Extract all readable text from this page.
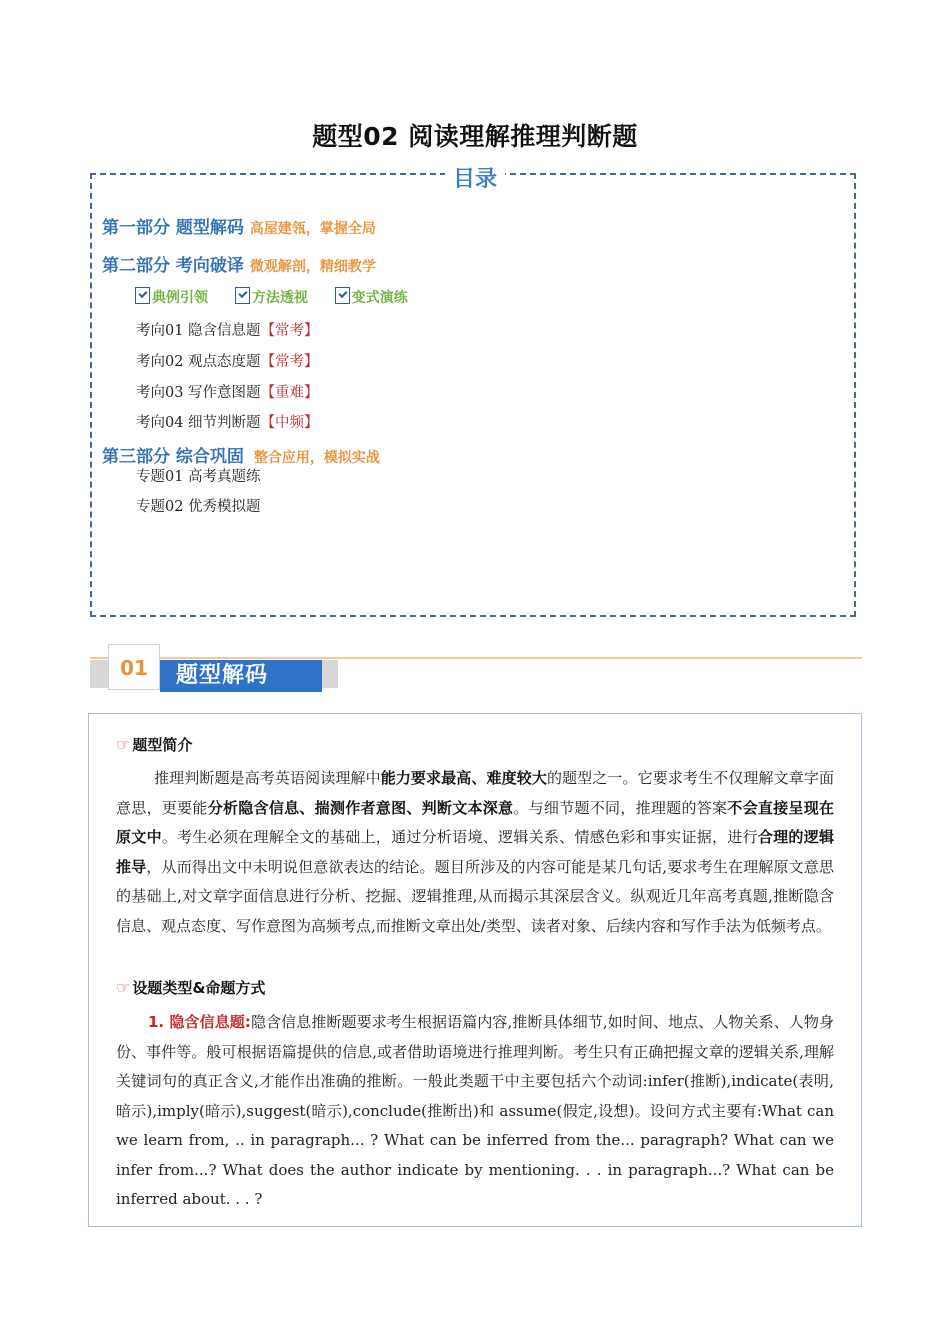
题型02 阅读理解推理判断题
目录
第一部分 题型解码 高屋建瓴，掌握全局
第二部分 考向破译 微观解剖，精细教学
典例引领	方法透视	变式演练
考向01 隐含信息题【常考】
考向02 观点态度题【常考】
考向03 写作意图题【重难】
考向04 细节判断题【中频】
第三部分 综合巩固 整合应用，模拟实战
专题01 高考真题练
专题02 优秀模拟题
01	题型解码
☞ 题型简介
推理判断题是高考英语阅读理解中能力要求最高、难度较大的题型之一。它要求考生不仅理解文章字面意思，更要能分析隐含信息、揣测作者意图、判断文本深意。与细节题不同，推理题的答案不会直接呈现在原文中。考生必须在理解全文的基础上，通过分析语境、逻辑关系、情感色彩和事实证据，进行合理的逻辑推导，从而得出文中未明说但意欲表达的结论。题目所涉及的内容可能是某几句话,要求考生在理解原文意思的基础上,对文章字面信息进行分析、挖掘、逻辑推理,从而揭示其深层含义。纵观近几年高考真题,推断隐含信息、观点态度、写作意图为高频考点,而推断文章出处/类型、读者对象、后续内容和写作手法为低频考点。
☞ 设题类型&命题方式
1. 隐含信息题:隐含信息推断题要求考生根据语篇内容,推断具体细节,如时间、地点、人物关系、人物身份、事件等。般可根据语篇提供的信息,或者借助语境进行推理判断。考生只有正确把握文章的逻辑关系,理解关键词句的真正含义,才能作出准确的推断。一般此类题干中主要包括六个动词:infer(推断),indicate(表明,暗示),imply(暗示),suggest(暗示),conclude(推断出)和 assume(假定,设想)。设问方式主要有:What can we learn from, .. in paragraph... ? What can be inferred from the... paragraph? What can we infer from...? What does the author indicate by mentioning. . . in paragraph...? What can be inferred about. . . ?
